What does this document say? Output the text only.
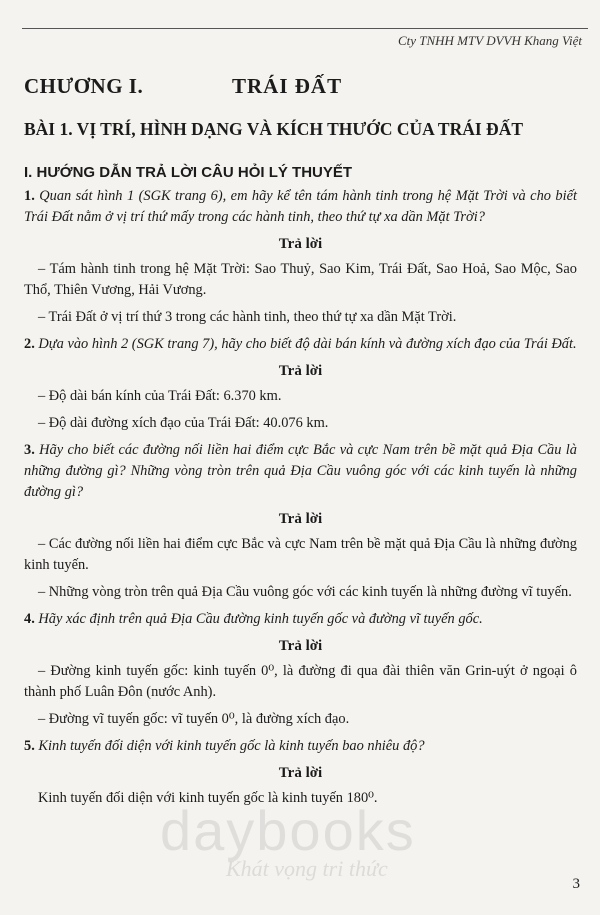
Cty TNHH MTV DVVH Khang Việt
CHƯƠNG I.	TRÁI ĐẤT
BÀI 1. VỊ TRÍ, HÌNH DẠNG VÀ KÍCH THƯỚC CỦA TRÁI ĐẤT
I. HƯỚNG DẪN TRẢ LỜI CÂU HỎI LÝ THUYẾT

1. Quan sát hình 1 (SGK trang 6), em hãy kể tên tám hành tinh trong hệ Mặt Trời và cho biết Trái Đất nằm ở vị trí thứ mấy trong các hành tinh, theo thứ tự xa dần Mặt Trời?

Trả lời

– Tám hành tinh trong hệ Mặt Trời: Sao Thuỷ, Sao Kim, Trái Đất, Sao Hoả, Sao Mộc, Sao Thổ, Thiên Vương, Hải Vương.

– Trái Đất ở vị trí thứ 3 trong các hành tinh, theo thứ tự xa dần Mặt Trời.

2. Dựa vào hình 2 (SGK trang 7), hãy cho biết độ dài bán kính và đường xích đạo của Trái Đất.

Trả lời

– Độ dài bán kính của Trái Đất: 6.370 km.

– Độ dài đường xích đạo của Trái Đất: 40.076 km.

3. Hãy cho biết các đường nối liền hai điểm cực Bắc và cực Nam trên bề mặt quả Địa Cầu là những đường gì? Những vòng tròn trên quả Địa Cầu vuông góc với các kinh tuyến là những đường gì?

Trả lời

– Các đường nối liền hai điểm cực Bắc và cực Nam trên bề mặt quả Địa Cầu là những đường kinh tuyến.

– Những vòng tròn trên quả Địa Cầu vuông góc với các kinh tuyến là những đường vĩ tuyến.

4. Hãy xác định trên quả Địa Cầu đường kinh tuyến gốc và đường vĩ tuyến gốc.

Trả lời

– Đường kinh tuyến gốc: kinh tuyến 0⁰, là đường đi qua đài thiên văn Grin-uýt ở ngoại ô thành phố Luân Đôn (nước Anh).

– Đường vĩ tuyến gốc: vĩ tuyến 0⁰, là đường xích đạo.

5. Kinh tuyến đối diện với kinh tuyến gốc là kinh tuyến bao nhiêu độ?

Trả lời

Kinh tuyến đối diện với kinh tuyến gốc là kinh tuyến 180⁰.

daybooks
Khát vọng tri thức
3
